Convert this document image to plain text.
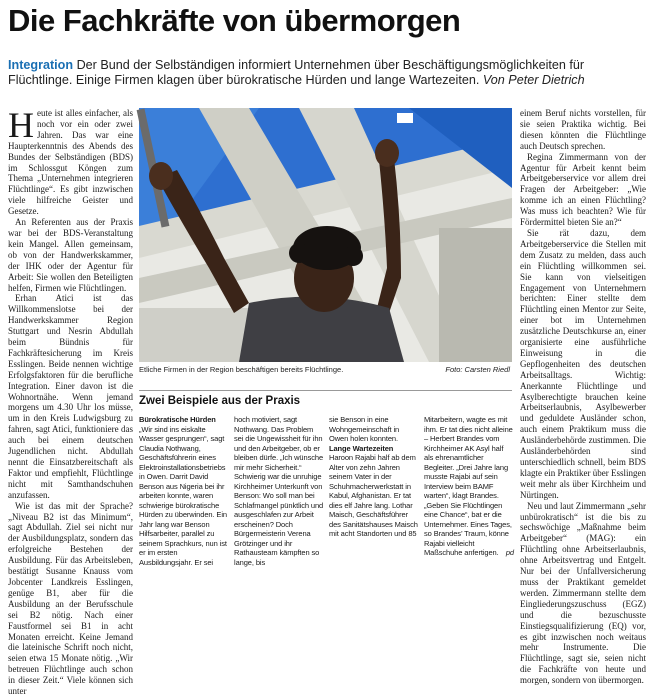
Die Fachkräfte von übermorgen
Integration Der Bund der Selbständigen informiert Unternehmen über Beschäftigungsmöglichkeiten für Flüchtlinge. Einige Firmen klagen über bürokratische Hürden und lange Wartezeiten. Von Peter Dietrich

Heute ist alles einfacher, als noch vor ein oder zwei Jahren. Das war eine Haupterkenntnis des Abends des Bundes der Selbständigen (BDS) im Schlossgut Köngen zum Thema „Unternehmen integrieren Flüchtlinge“. Es gibt inzwischen viele hilfreiche Geister und Gesetze.

An Referenten aus der Praxis war bei der BDS-Veranstaltung kein Mangel. Allen gemeinsam, ob von der Handwerkskammer, der IHK oder der Agentur für Arbeit: Sie wollen den Beteiligten helfen, Firmen wie Flüchtlingen.

Erhan Atici ist das Willkommenslotse bei der Handwerkskammer Region Stuttgart und Nesrin Abdullah beim Bündnis für Fachkräftesicherung im Kreis Esslingen. Beide nennen wichtige Erfolgsfaktoren für die berufliche Integration. Einer davon ist die Wohnortnähe. Wenn jemand morgens um 4.30 Uhr los müsse, um in den Kreis Ludwigsburg zu fahren, sagt Atici, funktioniere das auch bei einem deutschen Jugendlichen nicht. Abdullah nennt die Einsatzbereitschaft als Faktor und empfiehlt, Flüchtlinge nicht mit Samthandschuhen anzufassen.

Wie ist das mit der Sprache? „Niveau B2 ist das Minimum“, sagt Abdullah. Ziel sei nicht nur der Ausbildungsplatz, sondern das erfolgreiche Bestehen der Ausbildung. Für das Arbeitsleben, bestätigt Susanne Knauss vom Jobcenter Landkreis Esslingen, genüge B1, aber für die Ausbildung an der Berufsschule sei B2 nötig. Nach einer Faustformel sei B1 in acht Monaten erreicht. Keine Jemand die lateinische Schrift noch nicht, seien etwa 15 Monate nötig. „Wir betreuen Flüchtlinge auch schon in dieser Zeit.“ Viele können sich unter

Etliche Firmen in der Region beschäftigen bereits Flüchtlinge.	Foto: Carsten Riedl
Zwei Beispiele aus der Praxis

Bürokratische Hürden
„Wir sind ins eiskalte Wasser gesprungen“, sagt Claudia Nothwang, Geschäftsführerin eines Elektroinstallationsbetriebs in Owen. Darrit David Benson aus Nigeria bei ihr arbeiten konnte, waren schwierige bürokratische Hürden zu überwinden. Ein Jahr lang war Benson Hilfsarbeiter, parallel zu seinem Sprachkurs, nun ist er im ersten Ausbildungsjahr. Er sei

hoch motiviert, sagt Nothwang. Das Problem sei die Ungewissheit für ihn und den Arbeitgeber, ob er bleiben dürfe. „Ich wünsche mir mehr Sicherheit.“ Schwierig war die unruhige Kirchheimer Unterkunft von Benson: Wo soll man bei Schlafmangel pünktlich und ausgeschlafen zur Arbeit erscheinen? Doch Bürgermeisterin Verena Grötzinger und ihr Rathausteam kämpften so lange, bis

sie Benson in eine Wohngemeinschaft in Owen holen konnten.

Lange Wartezeiten Haroon Rajabi half ab dem Alter von zehn Jahren seinem Vater in der Schuhmacherwerkstatt in Kabul, Afghanistan. Er tat dies elf Jahre lang. Lothar Maisch, Geschäftsführer des Sanitätshauses Maisch mit acht Standorten und 85

Mitarbeitern, wagte es mit ihm. Er tat dies nicht alleine – Herbert Brandes vom Kirchheimer AK Asyl half als ehrenamtlicher Begleiter. „Drei Jahre lang musste Rajabi auf sein Interview beim BAMF warten“, klagt Brandes. „Geben Sie Flüchtlingen eine Chance“, bat er die Unternehmer. Eines Tages, so Brandes’ Traum, könne Rajabi vielleicht Maßschuhe anfertigen. pd

einem Beruf nichts vorstellen, für sie seien Praktika wichtig. Bei diesen könnten die Flüchtlinge auch Deutsch sprechen.

Regina Zimmermann von der Agentur für Arbeit kennt beim Arbeitgeberservice vor allem drei Fragen der Arbeitgeber: „Wie komme ich an einen Flüchtling? Was muss ich beachten? Wie für Fördermittel bieten Sie an?“

Sie rät dazu, dem Arbeitgeberservice die Stellen mit dem Zusatz zu melden, dass auch ein Flüchtling willkommen sei. Sie kann von vielseitigen Engagement von Unternehmern berichten: Einer stellte dem Flüchtling einen Mentor zur Seite, einer bot im Unternehmen zusätzliche Deutschkurse an, einer organisierte eine ausführliche Einweisung in die Gepflogenheiten des deutschen Arbeitsalltags. Wichtig: Anerkannte Flüchtlinge und Asylberechtigte brauchen keine Arbeitserlaubnis, Asylbewerber und geduldete Ausländer schon, auch einem Praktikum muss die Ausländerbehörde zustimmen. Die Ausländerbehörden sind unterschiedlich schnell, beim BDS klagte ein Praktiker über Esslingen weit mehr als über Kirchheim und Nürtingen.

Neu und laut Zimmermann „sehr unbürokratisch“ ist die bis zu sechswöchige „Maßnahme beim Arbeitgeber“ (MAG): ein Flüchtling ohne Arbeitserlaubnis, ohne Arbeitsvertrag und Entgelt. Nur bei der Unfallversicherung muss der Praktikant gemeldet werden. Zimmermann stellte dem Eingliederungszuschuss (EGZ) und die bezuschusste Einstiegsqualifizierung (EQ) vor, es gibt inzwischen noch weitaus mehr Instrumente. Die Flüchtlinge, sagt sie, seien nicht die Fachkräfte von heute und morgen, sondern von übermorgen.
